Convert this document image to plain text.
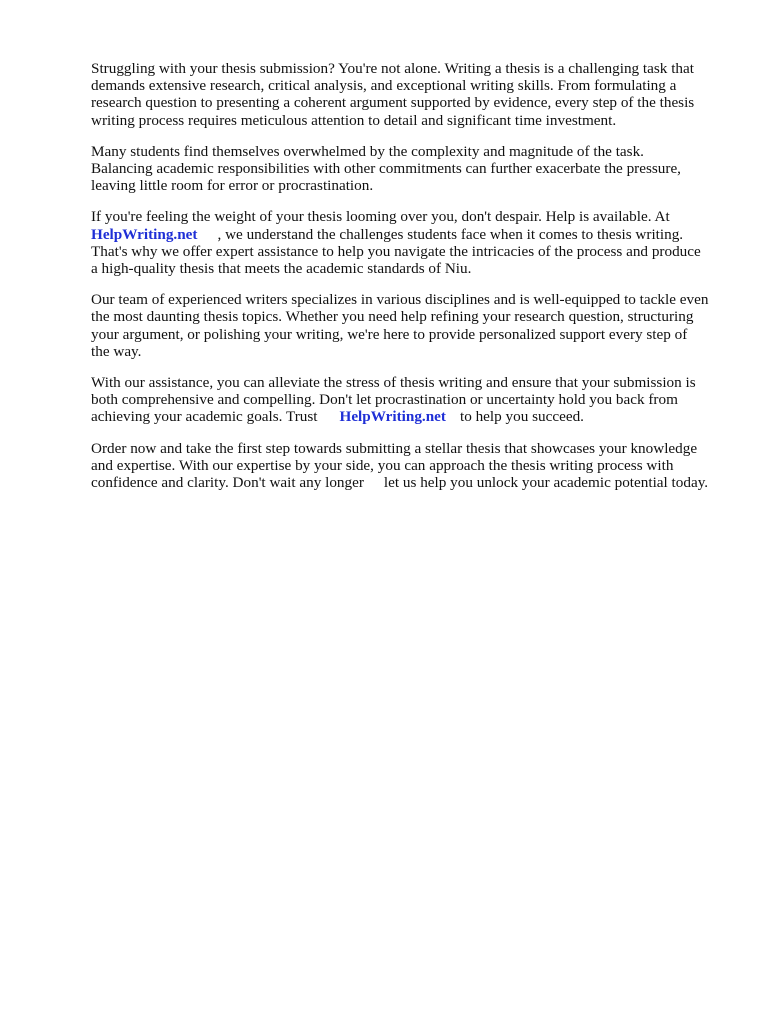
Struggling with your thesis submission? You're not alone. Writing a thesis is a challenging task that
demands extensive research, critical analysis, and exceptional writing skills. From formulating a
research question to presenting a coherent argument supported by evidence, every step of the thesis
writing process requires meticulous attention to detail and significant time investment.

Many students find themselves overwhelmed by the complexity and magnitude of the task.
Balancing academic responsibilities with other commitments can further exacerbate the pressure,
leaving little room for error or procrastination.

If you're feeling the weight of your thesis looming over you, don't despair. Help is available. At
HelpWriting.net , we understand the challenges students face when it comes to thesis writing.
That's why we offer expert assistance to help you navigate the intricacies of the process and produce
a high-quality thesis that meets the academic standards of Niu.

Our team of experienced writers specializes in various disciplines and is well-equipped to tackle even
the most daunting thesis topics. Whether you need help refining your research question, structuring
your argument, or polishing your writing, we're here to provide personalized support every step of
the way.

With our assistance, you can alleviate the stress of thesis writing and ensure that your submission is
both comprehensive and compelling. Don't let procrastination or uncertainty hold you back from
achieving your academic goals. Trust HelpWriting.net to help you succeed.

Order now and take the first step towards submitting a stellar thesis that showcases your knowledge
and expertise. With our expertise by your side, you can approach the thesis writing process with
confidence and clarity. Don't wait any longer let us help you unlock your academic potential today.
